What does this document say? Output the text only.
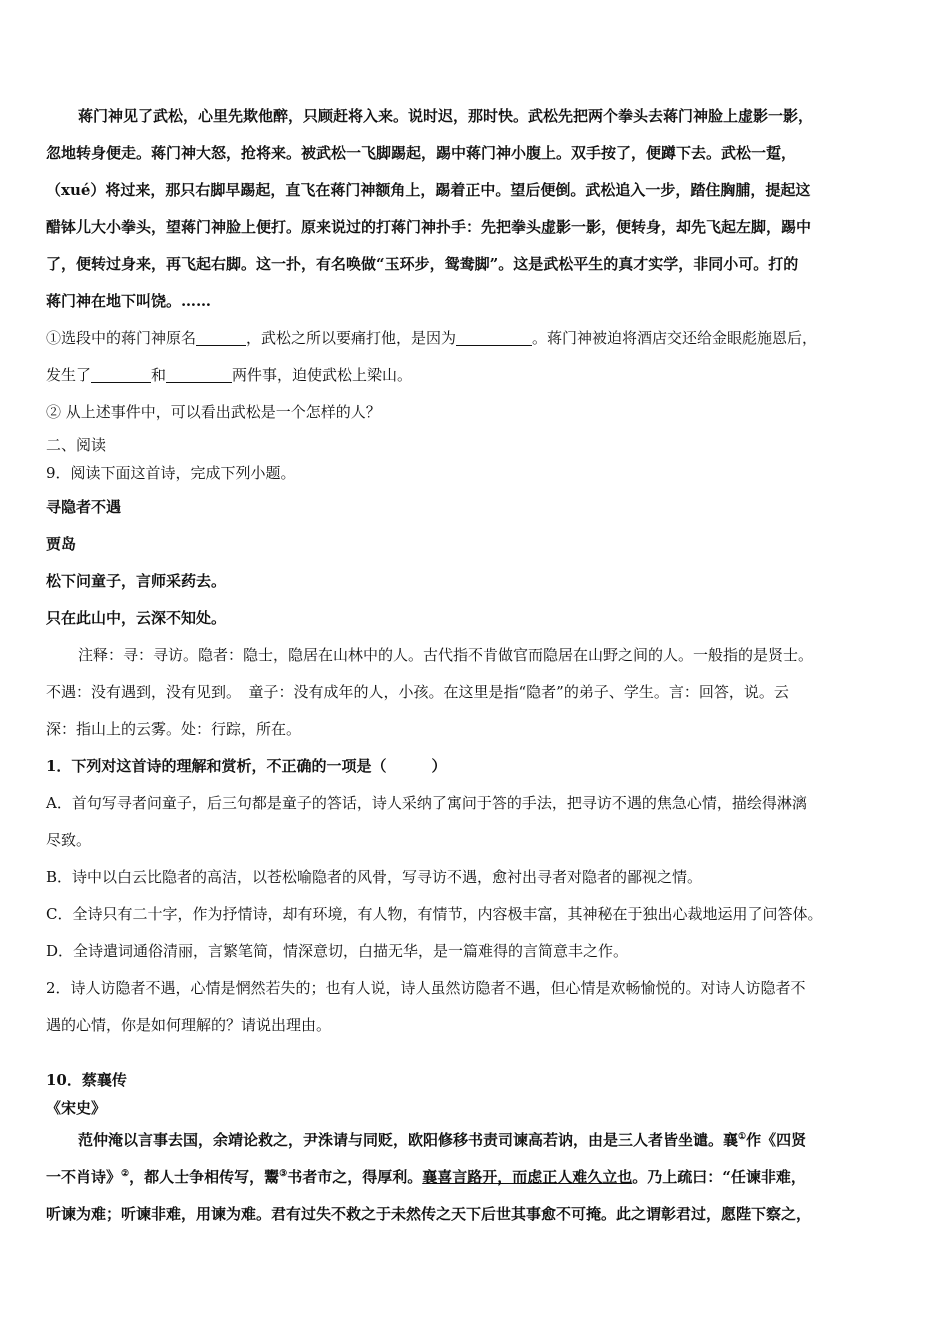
蒋门神见了武松，心里先欺他醉，只顾赶将入来。说时迟，那时快。武松先把两个拳头去蒋门神脸上虚影一影，

忽地转身便走。蒋门神大怒，抢将来。被武松一飞脚踢起，踢中蒋门神小腹上。双手按了，便蹲下去。武松一踅，

（xué）将过来，那只右脚早踢起，直飞在蒋门神额角上，踢着正中。望后便倒。武松追入一步，踏住胸脯，提起这

醋钵儿大小拳头，望蒋门神脸上便打。原来说过的打蒋门神扑手：先把拳头虚影一影，便转身，却先飞起左脚，踢中

了，便转过身来，再飞起右脚。这一扑，有名唤做“玉环步，鸳鸯脚”。这是武松平生的真才实学，非同小可。打的

蒋门神在地下叫饶。……

①选段中的蒋门神原名	，武松之所以要痛打他，是因为	。蒋门神被迫将酒店交还给金眼彪施恩后，

发生了	和	两件事，迫使武松上梁山。

② 从上述事件中，可以看出武松是一个怎样的人？

二、阅读

9．阅读下面这首诗，完成下列小题。

寻隐者不遇

贾岛

松下问童子，言师采药去。

只在此山中，云深不知处。

注释：寻：寻访。隐者：隐士，隐居在山林中的人。古代指不肯做官而隐居在山野之间的人。一般指的是贤士。

不遇：没有遇到，没有见到。　童子：没有成年的人，小孩。在这里是指“隐者”的弟子、学生。言：回答，说。云

深：指山上的云雾。处：行踪，所在。

1．下列对这首诗的理解和赏析，不正确的一项是（　　　）

A．首句写寻者问童子，后三句都是童子的答话，诗人采纳了寓问于答的手法，把寻访不遇的焦急心情，描绘得淋漓

尽致。

B．诗中以白云比隐者的高洁，以苍松喻隐者的风骨，写寻访不遇，愈衬出寻者对隐者的鄙视之情。

C．全诗只有二十字，作为抒情诗，却有环境，有人物，有情节，内容极丰富，其神秘在于独出心裁地运用了问答体。

D．全诗遣词通俗清丽，言繁笔简，情深意切，白描无华，是一篇难得的言简意丰之作。

2．诗人访隐者不遇，心情是惘然若失的；也有人说，诗人虽然访隐者不遇，但心情是欢畅愉悦的。对诗人访隐者不

遇的心情，你是如何理解的？请说出理由。

10．蔡襄传

《宋史》

范仲淹以言事去国，余靖论救之，尹洙请与同贬，欧阳修移书责司谏高若讷，由是三人者皆坐谴。襄①作《四贤

一不肖诗》②，都人士争相传写，鬻③书者市之，得厚利。襄喜言路开，而虑正人难久立也。乃上疏曰：“任谏非难，

听谏为难；听谏非难，用谏为难。君有过失不救之于未然传之天下后世其事愈不可掩。此之谓彰君过，愿陛下察之，
